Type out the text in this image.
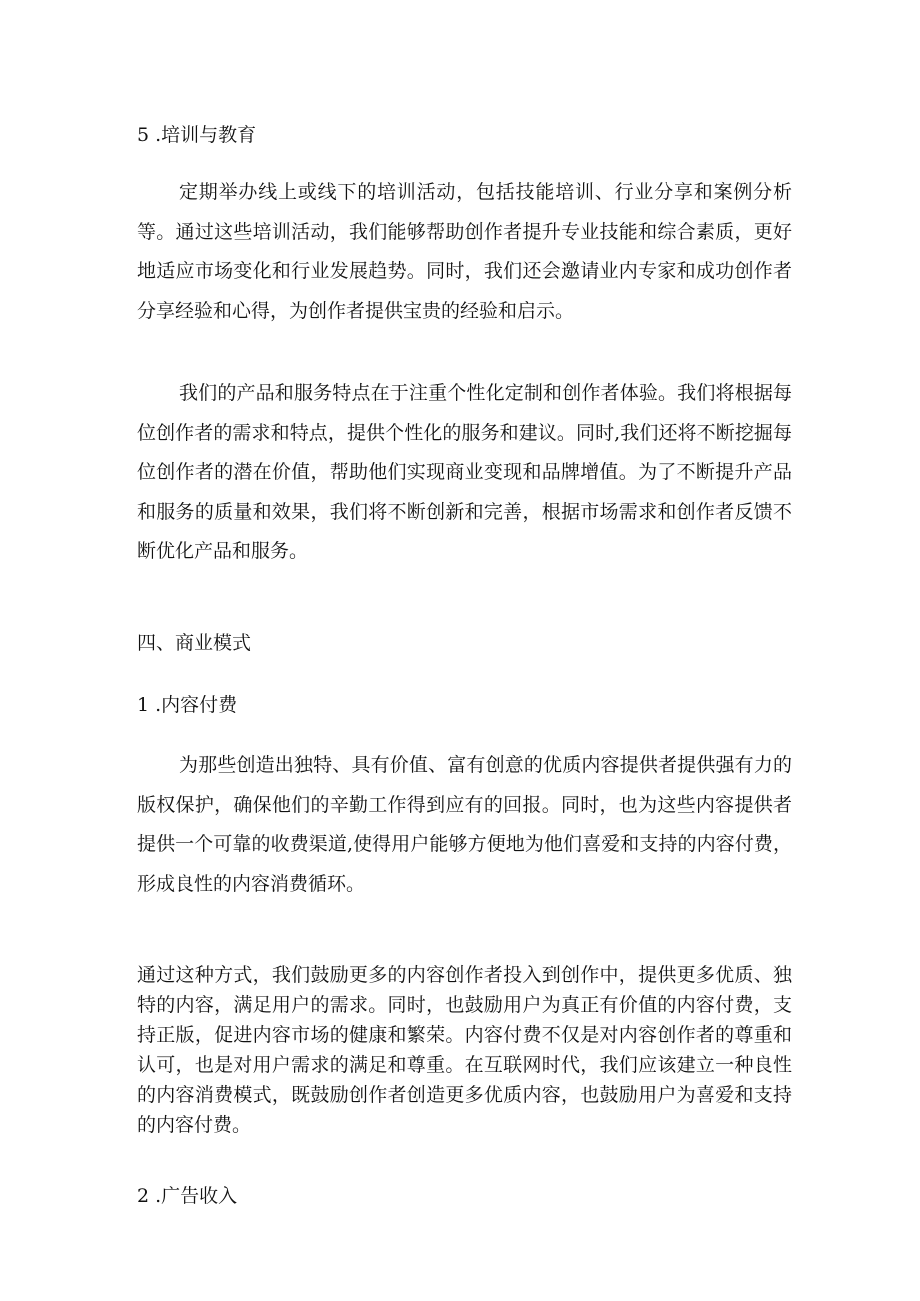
5 .培训与教育

定期举办线上或线下的培训活动，包括技能培训、行业分享和案例分析等。通过这些培训活动，我们能够帮助创作者提升专业技能和综合素质，更好地适应市场变化和行业发展趋势。同时，我们还会邀请业内专家和成功创作者分享经验和心得，为创作者提供宝贵的经验和启示。

我们的产品和服务特点在于注重个性化定制和创作者体验。我们将根据每位创作者的需求和特点，提供个性化的服务和建议。同时,我们还将不断挖掘每位创作者的潜在价值，帮助他们实现商业变现和品牌增值。为了不断提升产品和服务的质量和效果，我们将不断创新和完善，根据市场需求和创作者反馈不断优化产品和服务。

四、商业模式
1 .内容付费

为那些创造出独特、具有价值、富有创意的优质内容提供者提供强有力的版权保护，确保他们的辛勤工作得到应有的回报。同时，也为这些内容提供者提供一个可靠的收费渠道,使得用户能够方便地为他们喜爱和支持的内容付费，形成良性的内容消费循环。

通过这种方式，我们鼓励更多的内容创作者投入到创作中，提供更多优质、独特的内容，满足用户的需求。同时，也鼓励用户为真正有价值的内容付费，支持正版，促进内容市场的健康和繁荣。内容付费不仅是对内容创作者的尊重和认可，也是对用户需求的满足和尊重。在互联网时代，我们应该建立一种良性的内容消费模式，既鼓励创作者创造更多优质内容，也鼓励用户为喜爱和支持的内容付费。

2 .广告收入
